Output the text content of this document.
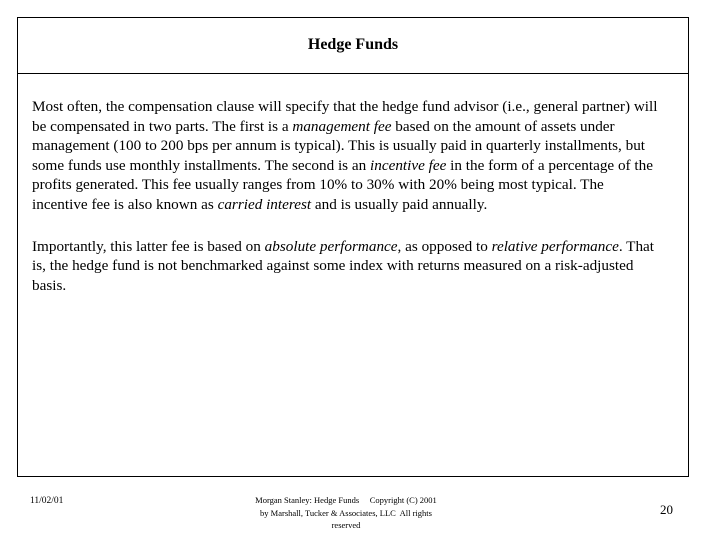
Hedge Funds

Most often, the compensation clause will specify that the hedge fund advisor (i.e., general partner) will be compensated in two parts. The first is a management fee based on the amount of assets under management (100 to 200 bps per annum is typical). This is usually paid in quarterly installments, but some funds use monthly installments. The second is an incentive fee in the form of a percentage of the profits generated. This fee usually ranges from 10% to 30% with 20% being most typical. The incentive fee is also known as carried interest and is usually paid annually.

Importantly, this latter fee is based on absolute performance, as opposed to relative performance. That is, the hedge fund is not benchmarked against some index with returns measured on a risk-adjusted basis.

11/02/01	Morgan Stanley: Hedge Funds     Copyright (C) 2001
by Marshall, Tucker & Associates, LLC  All rights
reserved
20
